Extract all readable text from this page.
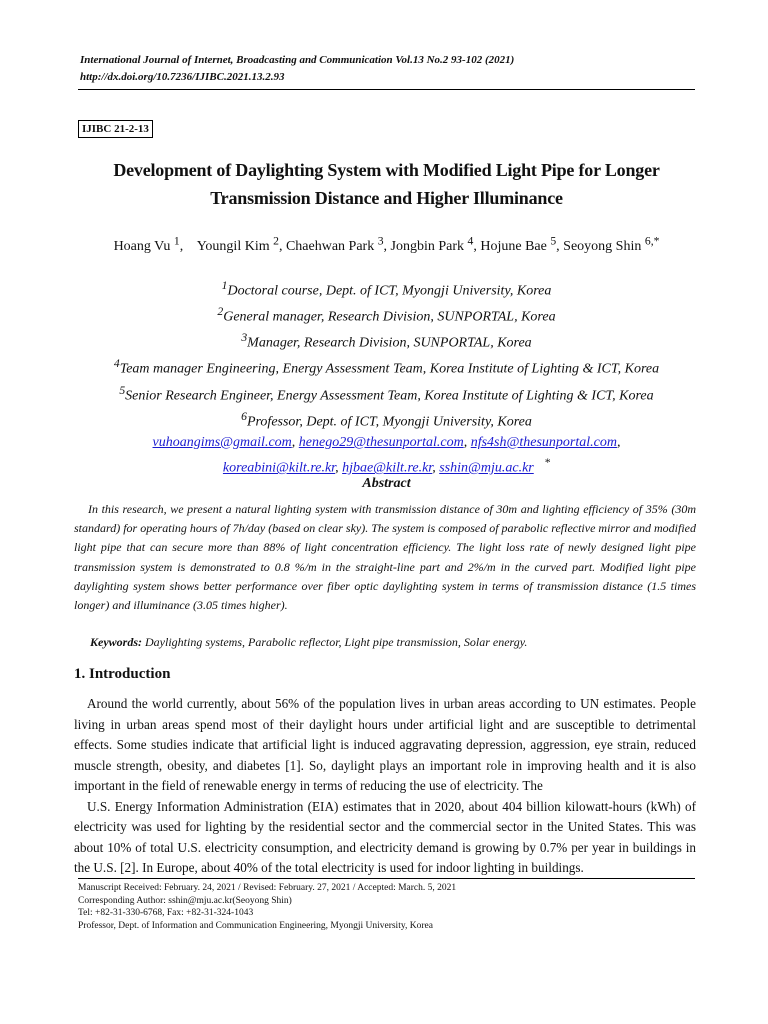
International Journal of Internet, Broadcasting and Communication Vol.13 No.2 93-102 (2021)
http://dx.doi.org/10.7236/IJIBC.2021.13.2.93
IJIBC 21-2-13
Development of Daylighting System with Modified Light Pipe for Longer
Transmission Distance and Higher Illuminance
Hoang Vu $^1$,    Youngil Kim $^2$, Chaehwan Park $^3$, Jongbin Park $^4$, Hojune Bae $^5$, Seoyong Shin $^{6,*}$
$^1$Doctoral course, Dept. of ICT, Myongji University, Korea
$^2$General manager, Research Division, SUNPORTAL, Korea
$^3$Manager, Research Division, SUNPORTAL, Korea
$^4$Team manager Engineering, Energy Assessment Team, Korea Institute of Lighting & ICT, Korea
$^5$Senior Research Engineer, Energy Assessment Team, Korea Institute of Lighting & ICT, Korea
$^6$Professor, Dept. of ICT, Myongji University, Korea
vuhoangims@gmail.com, henego29@thesunportal.com, nfs4sh@thesunportal.com,
koreabini@kilt.re.kr, hjbae@kilt.re.kr, sshin@mju.ac.kr *
Abstract
In this research, we present a natural lighting system with transmission distance of 30m and lighting efficiency of 35% (30m standard) for operating hours of 7h/day (based on clear sky). The system is composed of parabolic reflective mirror and modified light pipe that can secure more than 88% of light concentration efficiency. The light loss rate of newly designed light pipe transmission system is demonstrated to 0.8 %/m in the straight-line part and 2%/m in the curved part. Modified light pipe daylighting system shows better performance over fiber optic daylighting system in terms of transmission distance (1.5 times longer) and illuminance (3.05 times higher).
Keywords: Daylighting systems, Parabolic reflector, Light pipe transmission, Solar energy.
1. Introduction

Around the world currently, about 56% of the population lives in urban areas according to UN estimates. People living in urban areas spend most of their daylight hours under artificial light and are susceptible to detrimental effects. Some studies indicate that artificial light is induced aggravating depression, aggression, eye strain, reduced muscle strength, obesity, and diabetes [1]. So, daylight plays an important role in improving health and it is also important in the field of renewable energy in terms of reducing the use of electricity. The

U.S. Energy Information Administration (EIA) estimates that in 2020, about 404 billion kilowatt-hours (kWh) of electricity was used for lighting by the residential sector and the commercial sector in the United States. This was about 10% of total U.S. electricity consumption, and electricity demand is growing by 0.7% per year in buildings in the U.S. [2]. In Europe, about 40% of the total electricity is used for indoor lighting in buildings.

Manuscript Received: February. 24, 2021 / Revised: February. 27, 2021 / Accepted: March. 5, 2021
Corresponding Author: sshin@mju.ac.kr(Seoyong Shin)
Tel: +82-31-330-6768, Fax: +82-31-324-1043
Professor, Dept. of Information and Communication Engineering, Myongji University, Korea
